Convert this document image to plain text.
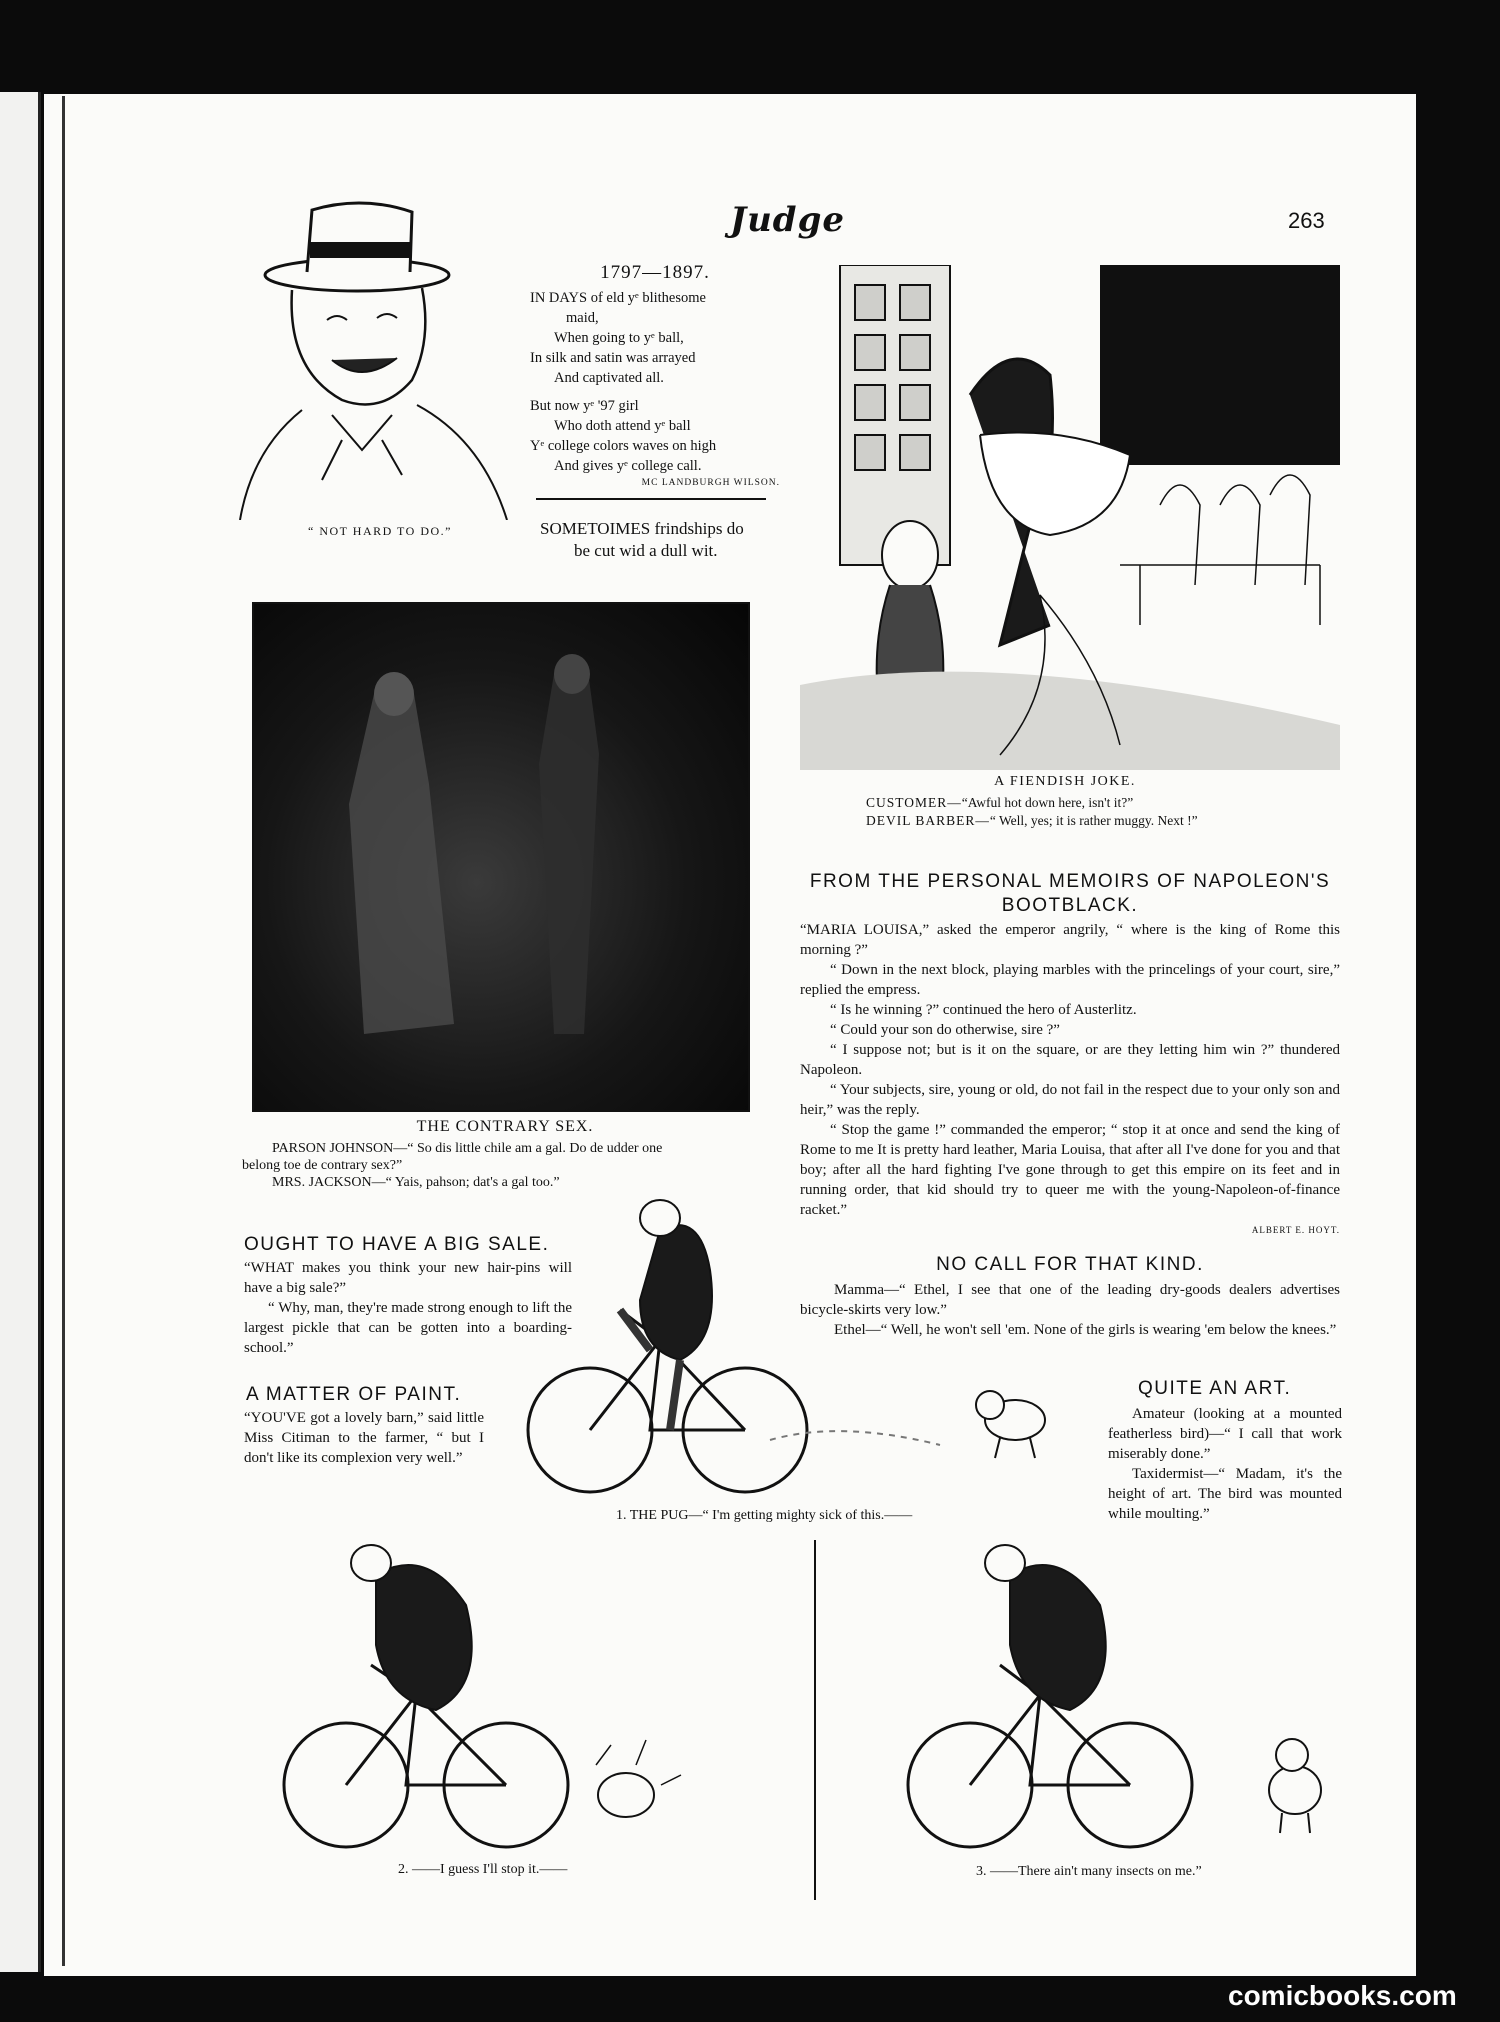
Judge	263
“ NOT HARD TO DO.”
1797—1897.
IN DAYS of eld yᵉ blithesome
maid,
When going to yᵉ ball,
In silk and satin was arrayed
And captivated all.
But now yᵉ '97 girl
Who doth attend yᵉ ball
Yᵉ college colors waves on high
And gives yᵉ college call.
MC LANDBURGH WILSON.
SOMETOIMES frindships do
be cut wid a dull wit.
A FIENDISH JOKE.
CUSTOMER—“Awful hot down here, isn't it?”
DEVIL BARBER—“ Well, yes; it is rather muggy. Next !”
THE CONTRARY SEX.
PARSON JOHNSON—“ So dis little chile am a gal. Do de udder one
belong toe de contrary sex?”
MRS. JACKSON—“ Yais, pahson; dat's a gal too.”
FROM THE PERSONAL MEMOIRS OF NAPOLEON'S
BOOTBLACK.

“MARIA LOUISA,” asked the emperor angrily, “ where is the king of Rome this morning ?”

“ Down in the next block, playing marbles with the princelings of your court, sire,” replied the empress.

“ Is he winning ?” continued the hero of Austerlitz.

“ Could your son do otherwise, sire ?”

“ I suppose not; but is it on the square, or are they letting him win ?” thundered Napoleon.

“ Your subjects, sire, young or old, do not fail in the respect due to your only son and heir,” was the reply.

“ Stop the game !” commanded the emperor; “ stop it at once and send the king of Rome to me It is pretty hard leather, Maria Louisa, that after all I've done for you and that boy; after all the hard fighting I've gone through to get this empire on its feet and in running order, that kid should try to queer me with the young-Napoleon-of-finance racket.”

ALBERT E. HOYT.
NO CALL FOR THAT KIND.

Mamma—“ Ethel, I see that one of the leading dry-goods dealers advertises bicycle-skirts very low.”

Ethel—“ Well, he won't sell 'em. None of the girls is wearing 'em below the knees.”

OUGHT TO HAVE A BIG SALE.

“WHAT makes you think your new hair-pins will have a big sale?”

“ Why, man, they're made strong enough to lift the largest pickle that can be gotten into a boarding-school.”

A MATTER OF PAINT.

“YOU'VE got a lovely barn,” said little Miss Citiman to the farmer, “ but I don't like its complexion very well.”

QUITE AN ART.

Amateur (looking at a mounted featherless bird)—“ I call that work miserably done.”

Taxidermist—“ Madam, it's the height of art. The bird was mounted while moulting.”

1. THE PUG—“ I'm getting mighty sick of this.——
2. ——I guess I'll stop it.——	3. ——There ain't many insects on me.”
comicbooks.com
